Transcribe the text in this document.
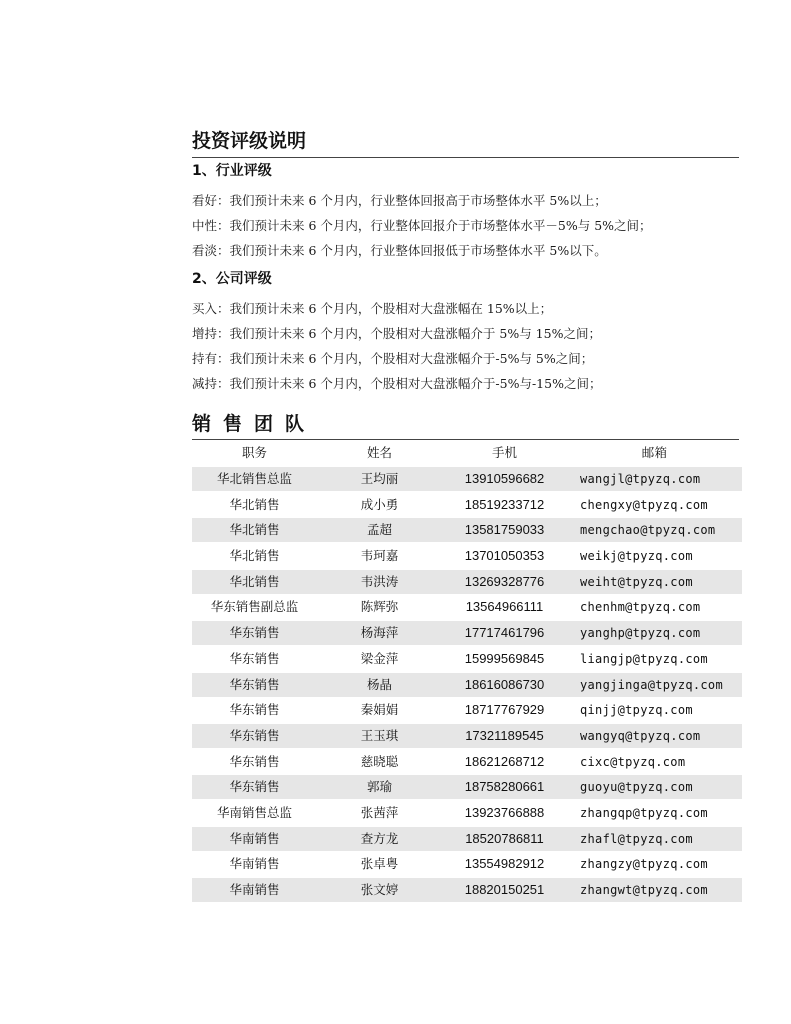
投资评级说明
1、行业评级
看好：我们预计未来 6 个月内，行业整体回报高于市场整体水平 5%以上；
中性：我们预计未来 6 个月内，行业整体回报介于市场整体水平－5%与 5%之间；
看淡：我们预计未来 6 个月内，行业整体回报低于市场整体水平 5%以下。
2、公司评级
买入：我们预计未来 6 个月内，个股相对大盘涨幅在 15%以上；
增持：我们预计未来 6 个月内，个股相对大盘涨幅介于 5%与 15%之间；
持有：我们预计未来 6 个月内，个股相对大盘涨幅介于-5%与 5%之间；
减持：我们预计未来 6 个月内，个股相对大盘涨幅介于-5%与-15%之间；
销售团队
职务	姓名	手机	邮箱
华北销售总监	王均丽	13910596682	wangjl@tpyzq.com
华北销售	成小勇	18519233712	chengxy@tpyzq.com
华北销售	孟超	13581759033	mengchao@tpyzq.com
华北销售	韦珂嘉	13701050353	weikj@tpyzq.com
华北销售	韦洪涛	13269328776	weiht@tpyzq.com
华东销售副总监	陈辉弥	13564966111	chenhm@tpyzq.com
华东销售	杨海萍	17717461796	yanghp@tpyzq.com
华东销售	梁金萍	15999569845	liangjp@tpyzq.com
华东销售	杨晶	18616086730	yangjinga@tpyzq.com
华东销售	秦娟娟	18717767929	qinjj@tpyzq.com
华东销售	王玉琪	17321189545	wangyq@tpyzq.com
华东销售	慈晓聪	18621268712	cixc@tpyzq.com
华东销售	郭瑜	18758280661	guoyu@tpyzq.com
华南销售总监	张茜萍	13923766888	zhangqp@tpyzq.com
华南销售	查方龙	18520786811	zhafl@tpyzq.com
华南销售	张卓粤	13554982912	zhangzy@tpyzq.com
华南销售	张文婷	18820150251	zhangwt@tpyzq.com
